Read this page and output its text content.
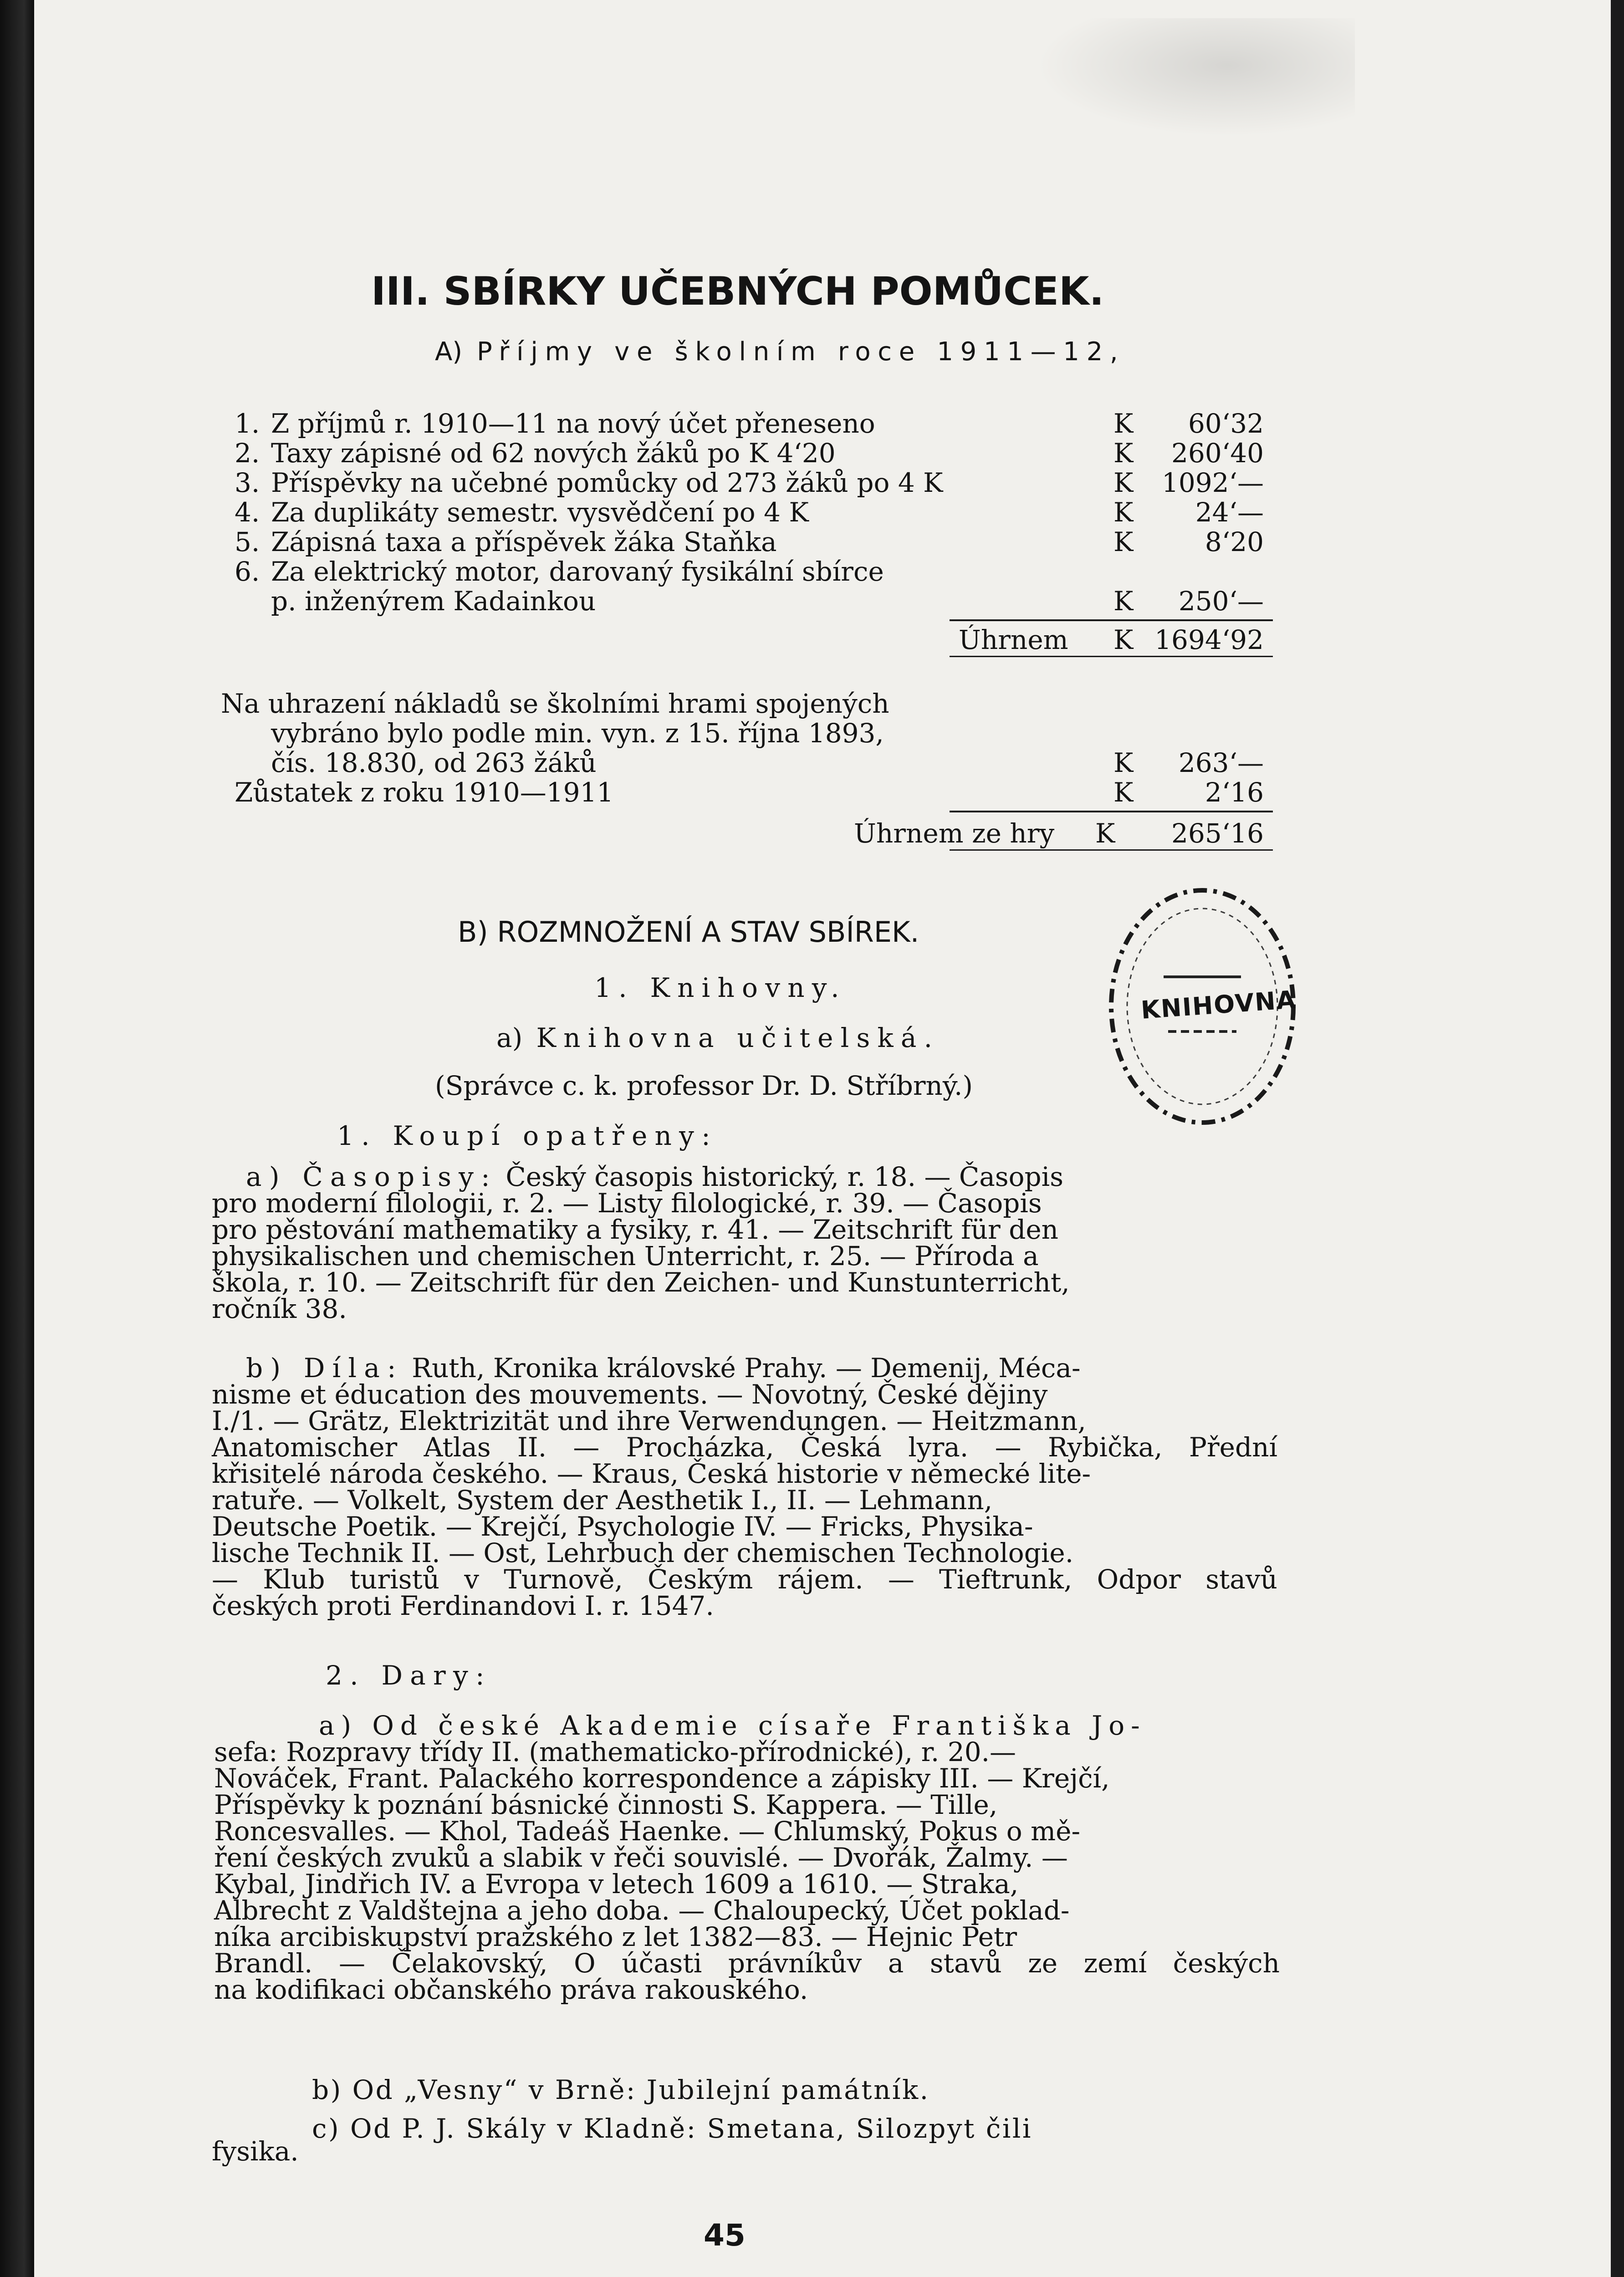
III. SBÍRKY UČEBNÝCH POMŮCEK.
A) Příjmy ve školním roce 1911—12,
1. Z příjmů r. 1910—11 na nový účet přeneseno	K	60‘32
2. Taxy zápisné od 62 nových žáků po K 4‘20	K	260‘40
3. Příspěvky na učebné pomůcky od 273 žáků po 4 K	K	1092‘—
4. Za duplikáty semestr. vysvědčení po 4 K	K	24‘—
5. Zápisná taxa a příspěvek žáka Staňka	K	8‘20
6. Za elektrický motor, darovaný fysikální sbírce
p. inženýrem Kadainkou	K	250‘—
Úhrnem K 1694‘92
Na uhrazení nákladů se školními hrami spojených
vybráno bylo podle min. vyn. z 15. října 1893,
čís. 18.830, od 263 žáků	K	263‘—
Zůstatek z roku 1910—1911	K	2‘16
Úhrnem ze hry K	265‘16
B) ROZMNOŽENÍ A STAV SBÍREK.
1. Knihovny.
a) Knihovna učitelská.
(Správce c. k. professor Dr. D. Stříbrný.)
KNIHOVNA
1. Koupí opatřeny:
a) Časopisy: Český časopis historický, r. 18. — Časopis
pro moderní filologii, r. 2. — Listy filologické, r. 39. — Časopis
pro pěstování mathematiky a fysiky, r. 41. — Zeitschrift für den
physikalischen und chemischen Unterricht, r. 25. — Příroda a
škola, r. 10. — Zeitschrift für den Zeichen- und Kunstunterricht,
ročník 38.
b) Díla: Ruth, Kronika královské Prahy. — Demenij, Méca-
nisme et éducation des mouvements. — Novotný, České dějiny
I./1. — Grätz, Elektrizität und ihre Verwendungen. — Heitzmann,
Anatomischer Atlas II. — Procházka, Česká lyra. — Rybička, Přední
křisitelé národa českého. — Kraus, Česká historie v německé lite-
ratuře. — Volkelt, System der Aesthetik I., II. — Lehmann,
Deutsche Poetik. — Krejčí, Psychologie IV. — Fricks, Physika-
lische Technik II. — Ost, Lehrbuch der chemischen Technologie.
— Klub turistů v Turnově, Českým rájem. — Tieftrunk, Odpor stavů
českých proti Ferdinandovi I. r. 1547.
2. Dary:
a) Od české Akademie císaře Františka Jo-
sefa: Rozpravy třídy II. (mathematicko-přírodnické), r. 20.—
Nováček, Frant. Palackého korrespondence a zápisky III. — Krejčí,
Příspěvky k poznání básnické činnosti S. Kappera. — Tille,
Roncesvalles. — Khol, Tadeáš Haenke. — Chlumský, Pokus o mě-
ření českých zvuků a slabik v řeči souvislé. — Dvořák, Žalmy. —
Kybal, Jindřich IV. a Evropa v letech 1609 a 1610. — Straka,
Albrecht z Valdštejna a jeho doba. — Chaloupecký, Účet poklad-
níka arcibiskupství pražského z let 1382—83. — Hejnic Petr
Brandl. — Čelakovský, O účasti právníkův a stavů ze zemí českých
na kodifikaci občanského práva rakouského.
b) Od „Vesny“ v Brně: Jubilejní památník.
c) Od P. J. Skály v Kladně: Smetana, Silozpyt čili
fysika.
45
